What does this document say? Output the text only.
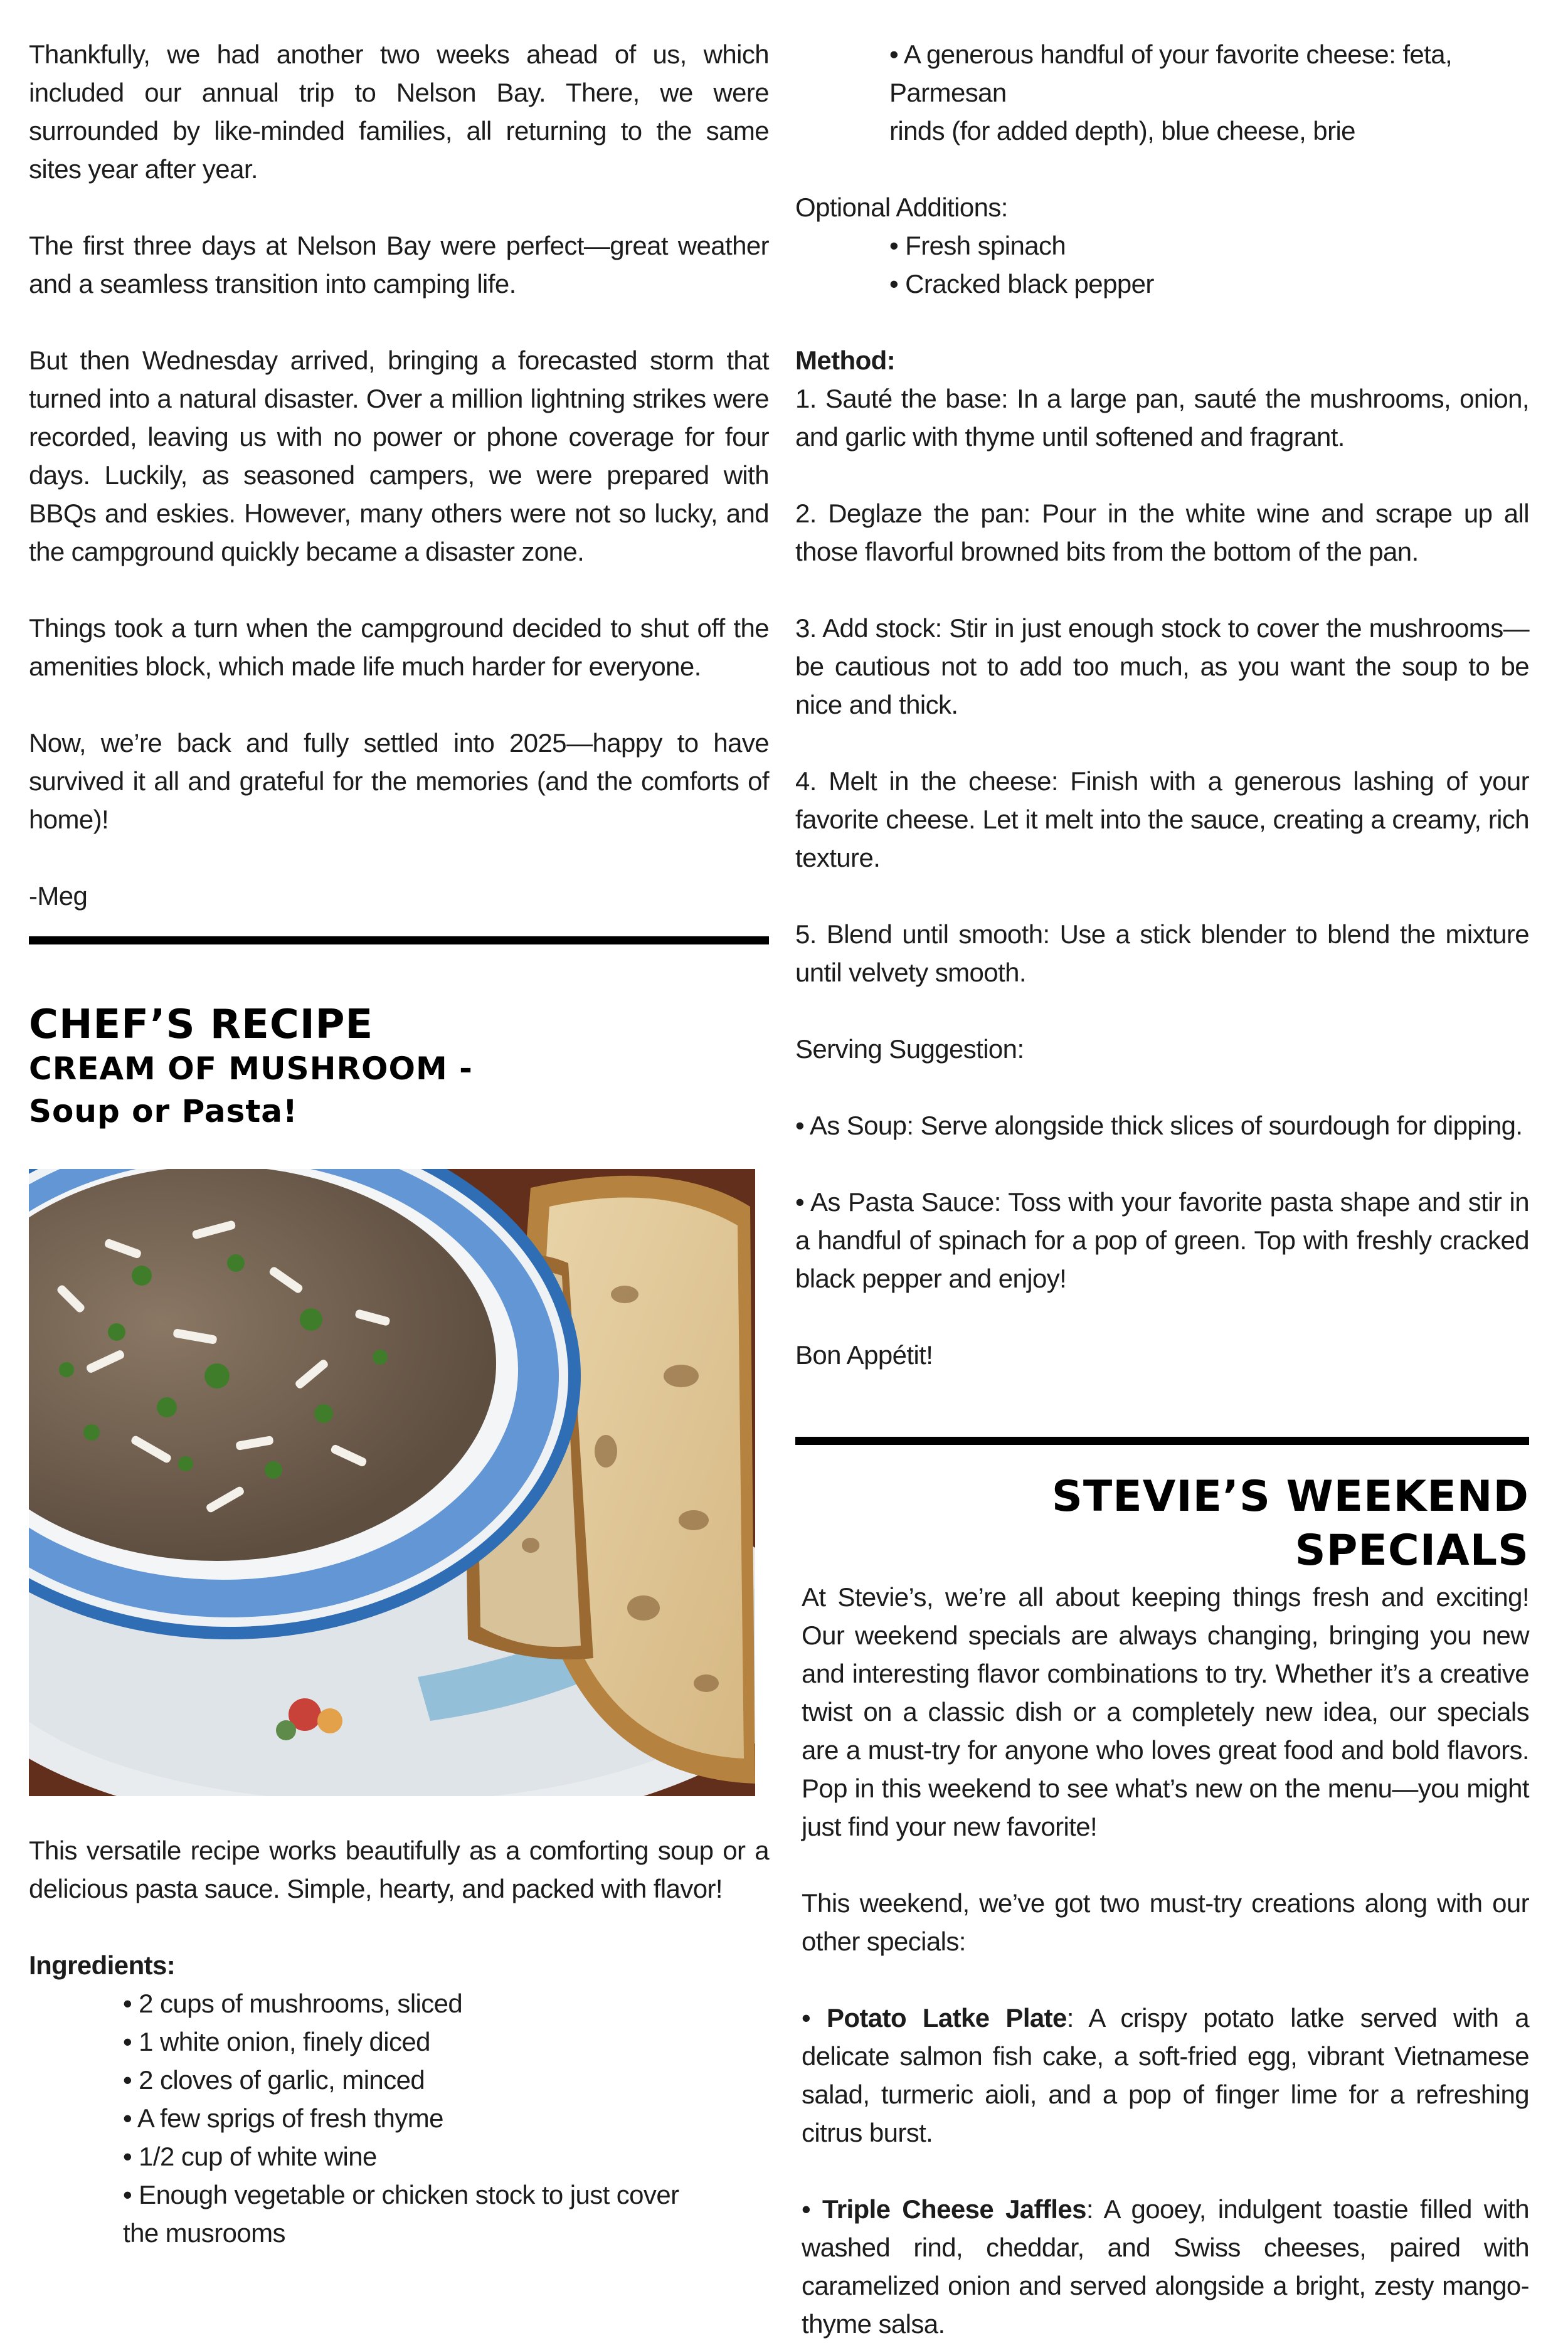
Thankfully, we had another two weeks ahead of us, which included our annual trip to Nelson Bay. There, we were surrounded by like-minded families, all returning to the same sites year after year.

The first three days at Nelson Bay were perfect—great weather and a seamless transition into camping life.

But then Wednesday arrived, bringing a forecasted storm that turned into a natural disaster. Over a million lightning strikes were recorded, leaving us with no power or phone coverage for four days. Luckily, as seasoned campers, we were prepared with BBQs and eskies. However, many others were not so lucky, and the campground quickly became a disaster zone.

Things took a turn when the campground decided to shut off the amenities block, which made life much harder for everyone.

Now, we’re back and fully settled into 2025—happy to have survived it all and grateful for the memories (and the comforts of home)!

-Meg

CHEF’S RECIPE
CREAM OF MUSHROOM -
Soup or Pasta!

This versatile recipe works beautifully as a comforting soup or a delicious pasta sauce. Simple, hearty, and packed with flavor!

Ingredients:

• 2 cups of mushrooms, sliced
• 1 white onion, finely diced
• 2 cloves of garlic, minced
• A few sprigs of fresh thyme
• 1/2 cup of white wine
• Enough vegetable or chicken stock to just cover
the musrooms
• A generous handful of your favorite cheese: feta, Parmesan
rinds (for added depth), blue cheese, brie

Optional Additions:

• Fresh spinach
• Cracked black pepper

Method:

1. Sauté the base: In a large pan, sauté the mushrooms, onion, and garlic with thyme until softened and fragrant.

2. Deglaze the pan: Pour in the white wine and scrape up all those flavorful browned bits from the bottom of the pan.

3. Add stock: Stir in just enough stock to cover the mushrooms—be cautious not to add too much, as you want the soup to be nice and thick.

4. Melt in the cheese: Finish with a generous lashing of your favorite cheese. Let it melt into the sauce, creating a creamy, rich texture.

5. Blend until smooth: Use a stick blender to blend the mixture until velvety smooth.

Serving Suggestion:

• As Soup: Serve alongside thick slices of sourdough for dipping.

• As Pasta Sauce: Toss with your favorite pasta shape and stir in a handful of spinach for a pop of green. Top with freshly cracked black pepper and enjoy!

Bon Appétit!

STEVIE’S WEEKEND
SPECIALS

At Stevie’s, we’re all about keeping things fresh and exciting! Our weekend specials are always changing, bringing you new and interesting flavor combinations to try. Whether it’s a creative twist on a classic dish or a completely new idea, our specials are a must-try for anyone who loves great food and bold flavors. Pop in this weekend to see what’s new on the menu—you might just find your new favorite!

This weekend, we’ve got two must-try creations along with our other specials:

• Potato Latke Plate: A crispy potato latke served with a delicate salmon fish cake, a soft-fried egg, vibrant Vietnamese salad, turmeric aioli, and a pop of finger lime for a refreshing citrus burst.

• Triple Cheese Jaffles: A gooey, indulgent toastie filled with washed rind, cheddar, and Swiss cheeses, paired with caramelized onion and served alongside a bright, zesty mango-thyme salsa.
